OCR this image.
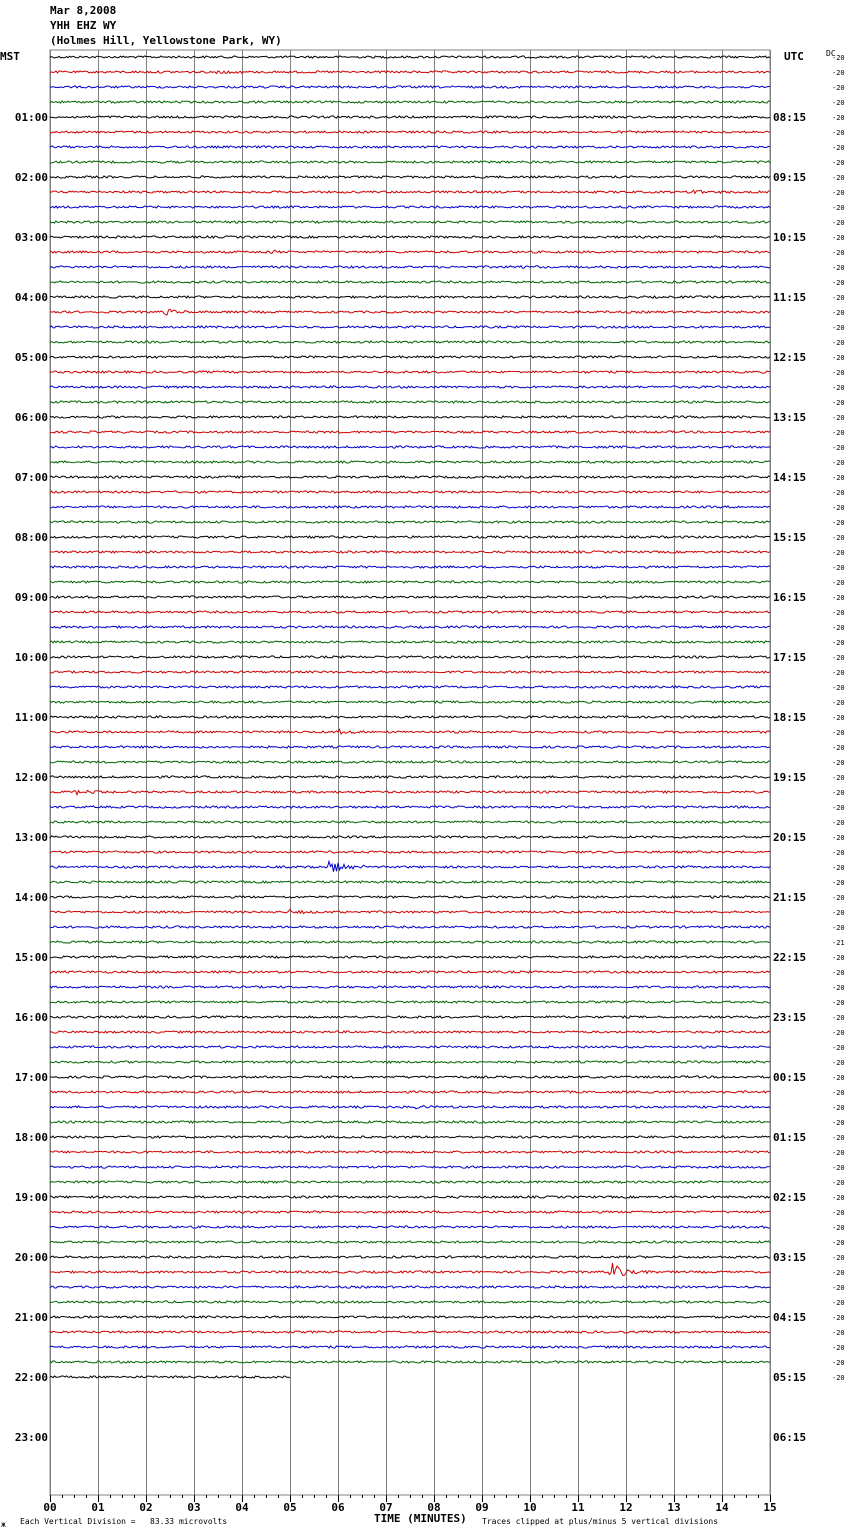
Mar 8,2008
YHH EHZ WY
(Holmes Hill, Yellowstone Park, WY)
MST	UTC	DC
00	01	02	03	04	05	06	07	08	09	10	11	12	13	14	15
01:00	08:15
02:00	09:15
03:00	10:15
04:00	11:15
05:00	12:15
06:00	13:15
07:00	14:15
08:00	15:15
09:00	16:15
10:00	17:15
11:00	18:15
12:00	19:15
13:00	20:15
14:00	21:15
15:00	22:15
16:00	23:15
17:00	00:15
18:00	01:15
19:00	02:15
20:00	03:15
21:00	04:15
22:00	05:15
23:00	06:15
-20
-20
-20
-20
-20
-20
-20
-20
-20
-20
-20
-20
-20
-20
-20
-20
-20
-20
-20
-20
-20
-20
-20
-20
-20
-20
-20
-20
-20
-20
-20
-20
-20
-20
-20
-20
-20
-20
-20
-20
-20
-20
-20
-20
-20
-20
-20
-20
-20
-20
-20
-20
-20
-20
-20
-20
-20
-20
-20
-21
-20
-20
-20
-20
-20
-20
-20
-20
-20
-20
-20
-20
-20
-20
-20
-20
-20
-20
-20
-20
-20
-20
-20
-20
-20
-20
-20
-20
-20
ж Each Vertical Division =   83.33 microvolts	TIME (MINUTES) Traces clipped at plus/minus 5 vertical divisions
